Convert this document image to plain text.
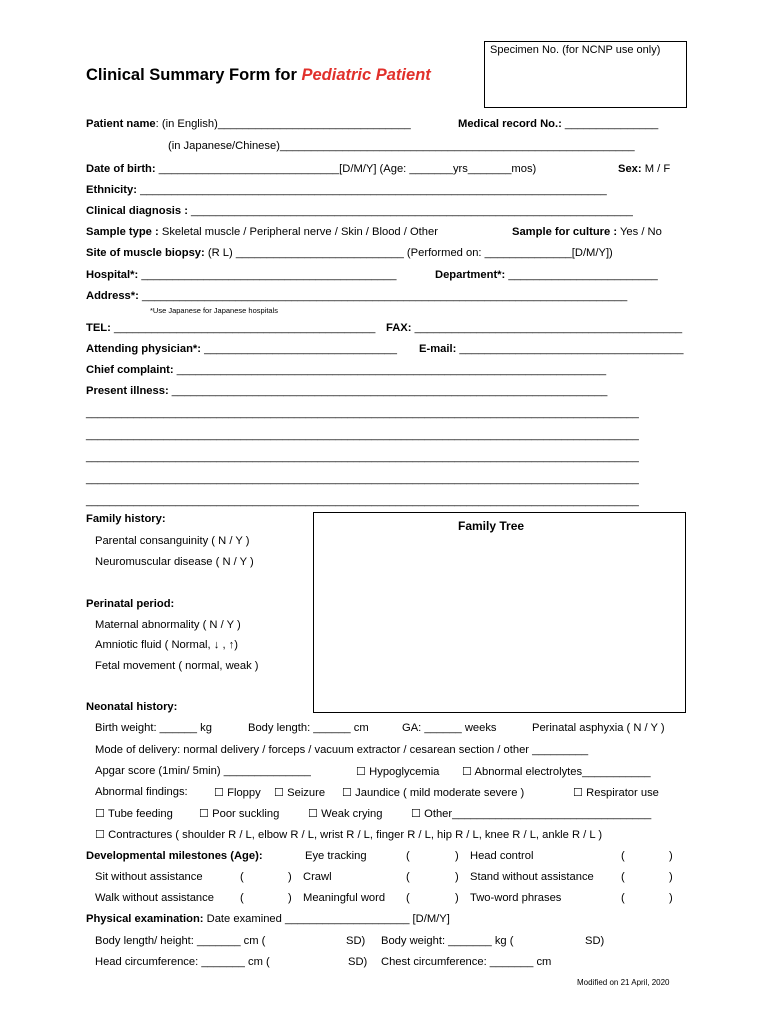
Specimen No. (for NCNP use only)
Clinical Summary Form for Pediatric Patient
Patient name: (in English)_______________________________	Medical record No.: _______________
(in Japanese/Chinese)_________________________________________________________
Date of birth: _____________________________[D/M/Y] (Age: _______yrs_______mos)	Sex: M / F
Ethnicity: ___________________________________________________________________________
Clinical diagnosis : _______________________________________________________________________
Sample type : Skeletal muscle / Peripheral nerve / Skin / Blood / Other	Sample for culture : Yes / No
Site of muscle biopsy: (R L) ___________________________ (Performed on: ______________[D/M/Y])
Hospital*: _________________________________________	Department*: ________________________
Address*: ______________________________________________________________________________
*Use Japanese for Japanese hospitals
TEL: __________________________________________ FAX: ___________________________________________
Attending physician*: _______________________________ E-mail: ____________________________________
Chief complaint: _____________________________________________________________________
Present illness: ______________________________________________________________________
_____________________________________________________________________________________________
_____________________________________________________________________________________________
_____________________________________________________________________________________________
_____________________________________________________________________________________________
_____________________________________________________________________________________________
Family Tree
Family history:
Parental consanguinity ( N / Y )
Neuromuscular disease ( N / Y )
Perinatal period:
Maternal abnormality ( N / Y )
Amniotic fluid ( Normal, ↓ , ↑)
Fetal movement ( normal, weak )
Neonatal history:
Birth weight: ______ kg	Body length: ______ cm	GA: ______ weeks	Perinatal asphyxia ( N / Y )
Mode of delivery: normal delivery / forceps / vacuum extractor / cesarean section / other _________
Apgar score (1min/ 5min) ______________	☐ Hypoglycemia ☐ Abnormal electrolytes___________
Abnormal findings: ☐ Floppy ☐ Seizure ☐ Jaundice ( mild moderate severe )	☐ Respirator use
☐ Tube feeding ☐ Poor suckling	☐ Weak crying	☐ Other________________________________
☐ Contractures ( shoulder R / L, elbow R / L, wrist R / L, finger R / L, hip R / L, knee R / L, ankle R / L )
Developmental milestones (Age):	Eye tracking	(	) Head control	(	)
Sit without assistance	(	) Crawl	(	) Stand without assistance (	)
Walk without assistance (	) Meaningful word (	) Two-word phrases	(	)
Physical examination: Date examined ____________________ [D/M/Y]
Body length/ height: _______ cm (	SD) Body weight: _______ kg (	SD)
Head circumference: _______ cm (	SD) Chest circumference: _______ cm
Modified on 21 April, 2020
